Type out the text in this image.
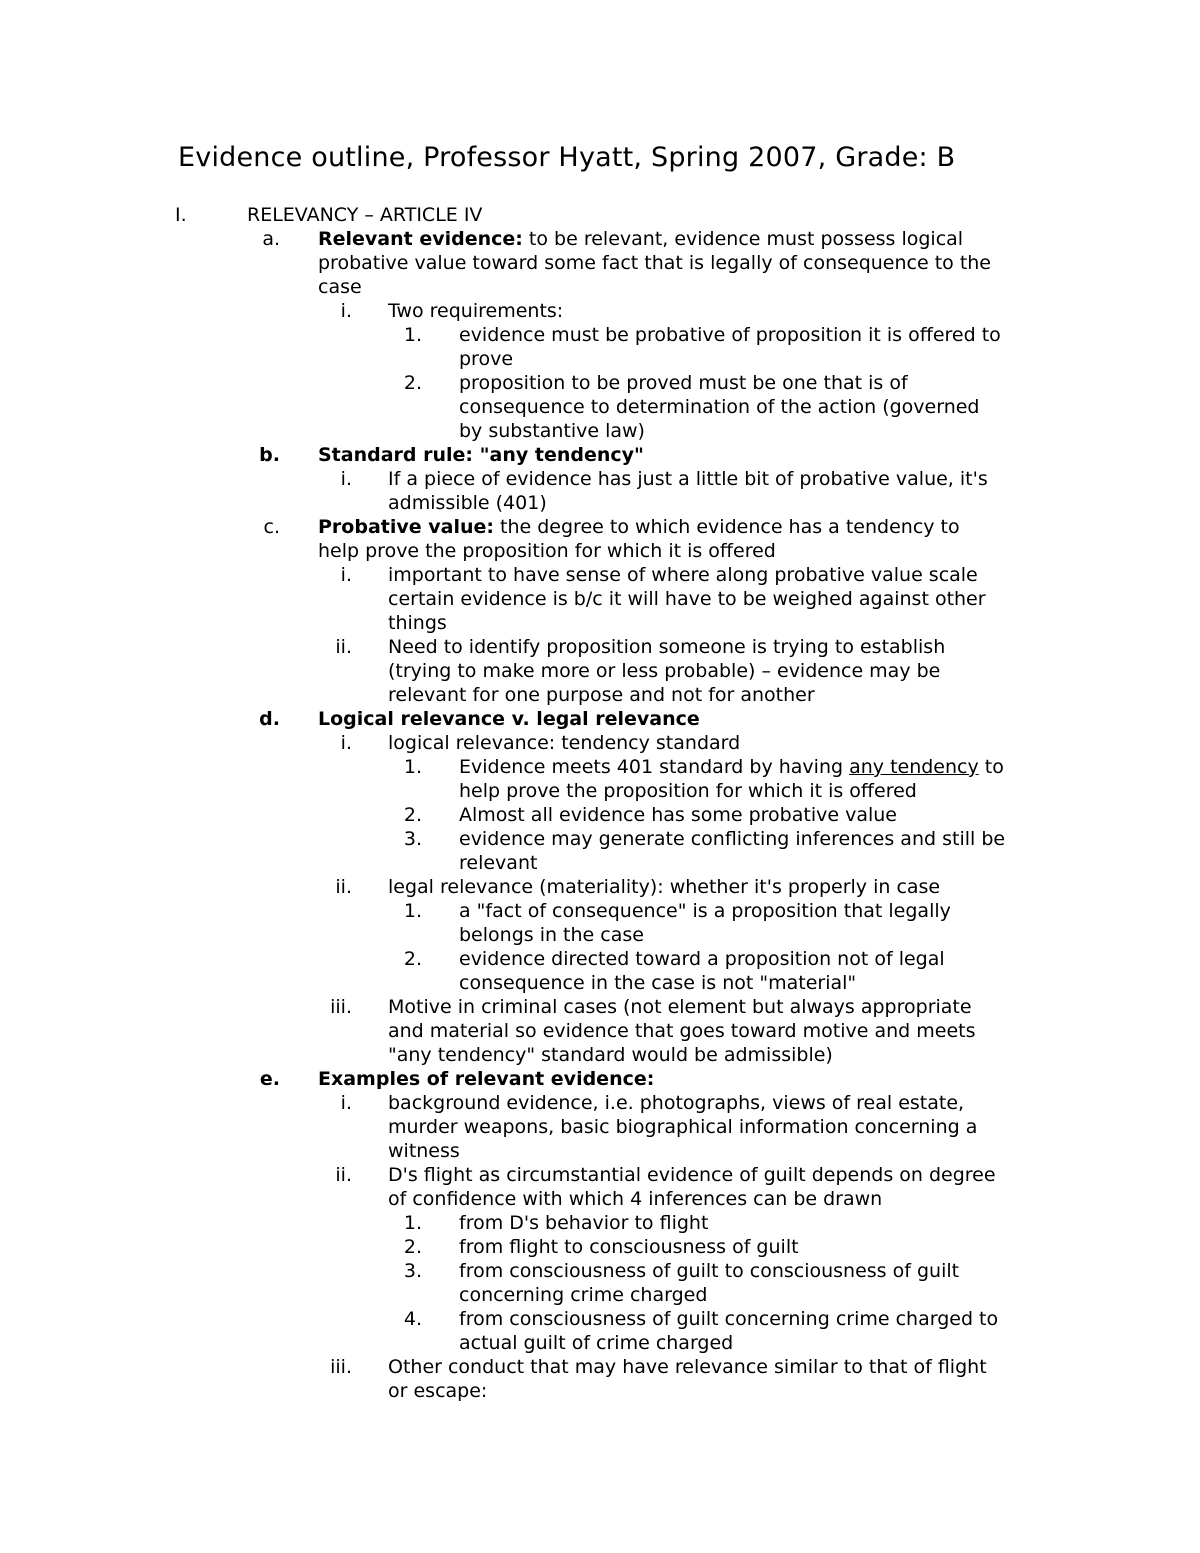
Evidence outline, Professor Hyatt, Spring 2007, Grade: B
I.	RELEVANCY – ARTICLE IV
a. Relevant evidence: to be relevant, evidence must possess logical
probative value toward some fact that is legally of consequence to the
case
i. Two requirements:
1. evidence must be probative of proposition it is offered to
prove
2. proposition to be proved must be one that is of
consequence to determination of the action (governed
by substantive law)
b. Standard rule: "any tendency"
i. If a piece of evidence has just a little bit of probative value, it's
admissible (401)
c. Probative value: the degree to which evidence has a tendency to
help prove the proposition for which it is offered
i. important to have sense of where along probative value scale
certain evidence is b/c it will have to be weighed against other
things
ii. Need to identify proposition someone is trying to establish
(trying to make more or less probable) – evidence may be
relevant for one purpose and not for another
d. Logical relevance v. legal relevance
i. logical relevance: tendency standard
1. Evidence meets 401 standard by having any tendency to
help prove the proposition for which it is offered
2. Almost all evidence has some probative value
3. evidence may generate conflicting inferences and still be
relevant
ii. legal relevance (materiality): whether it's properly in case
1. a "fact of consequence" is a proposition that legally
belongs in the case
2. evidence directed toward a proposition not of legal
consequence in the case is not "material"
iii. Motive in criminal cases (not element but always appropriate
and material so evidence that goes toward motive and meets
"any tendency" standard would be admissible)
e. Examples of relevant evidence:
i. background evidence, i.e. photographs, views of real estate,
murder weapons, basic biographical information concerning a
witness
ii. D's flight as circumstantial evidence of guilt depends on degree
of confidence with which 4 inferences can be drawn
1. from D's behavior to flight
2. from flight to consciousness of guilt
3. from consciousness of guilt to consciousness of guilt
concerning crime charged
4. from consciousness of guilt concerning crime charged to
actual guilt of crime charged
iii. Other conduct that may have relevance similar to that of flight
or escape:
